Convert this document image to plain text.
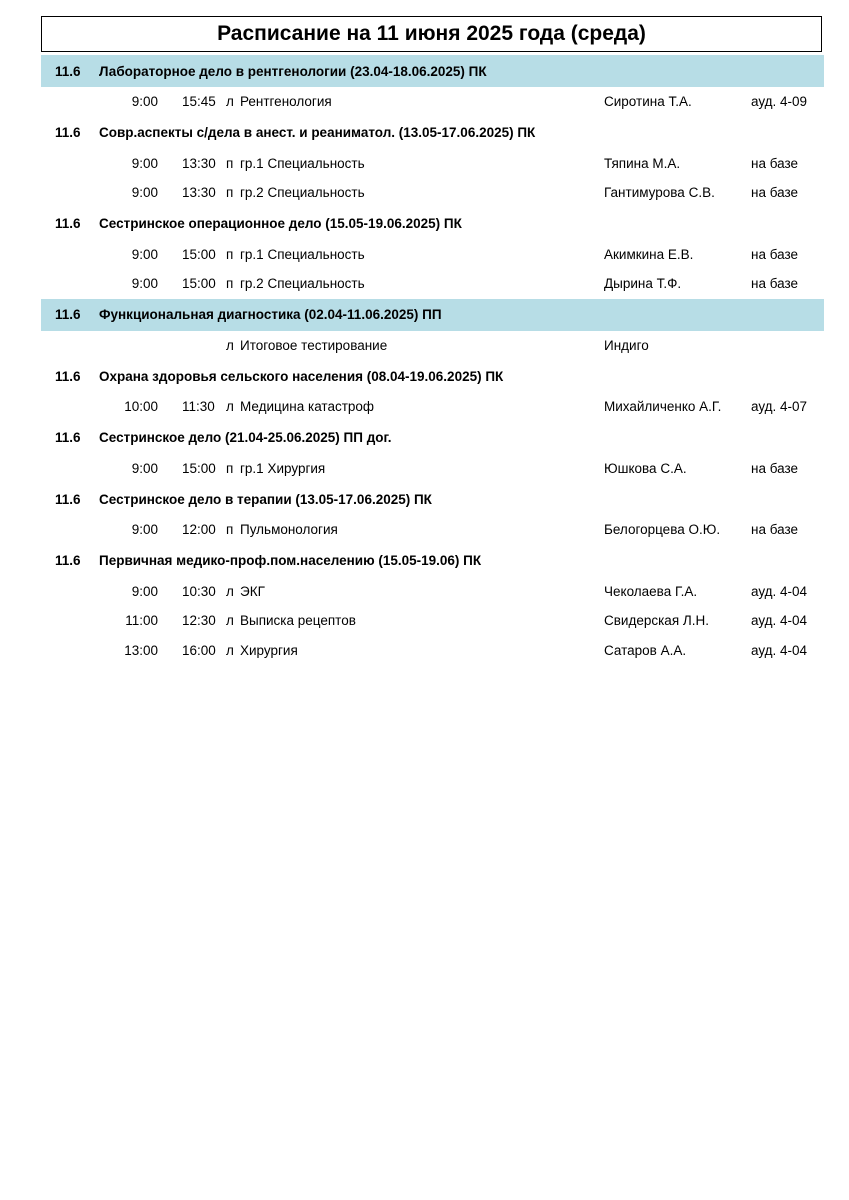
Расписание на 11 июня 2025 года (среда)
11.6	Лабораторное дело в рентгенологии (23.04-18.06.2025) ПК
9:00 15:45 л Рентгенология	Сиротина Т.А.	ауд. 4-09
11.6	Совр.аспекты с/дела в анест. и реаниматол. (13.05-17.06.2025) ПК
9:00 13:30 п гр.1 Специальность	Тяпина М.А.	на базе
9:00 13:30 п гр.2 Специальность	Гантимурова С.В.	на базе
11.6	Сестринское операционное дело (15.05-19.06.2025) ПК
9:00 15:00 п гр.1 Специальность	Акимкина Е.В.	на базе
9:00 15:00 п гр.2 Специальность	Дырина Т.Ф.	на базе
11.6	Функциональная диагностика (02.04-11.06.2025) ПП
л Итоговое тестирование	Индиго
11.6	Охрана здоровья сельского населения (08.04-19.06.2025) ПК
10:00 11:30 л Медицина катастроф	Михайличенко А.Г. ауд. 4-07
11.6	Сестринское дело (21.04-25.06.2025) ПП дог.
9:00 15:00 п гр.1 Хирургия	Юшкова С.А.	на базе
11.6	Сестринское дело в терапии (13.05-17.06.2025) ПК
9:00 12:00 п Пульмонология	Белогорцева О.Ю. на базе
11.6	Первичная медико-проф.пом.населению (15.05-19.06) ПК
9:00 10:30 л ЭКГ	Чеколаева Г.А.	ауд. 4-04
11:00 12:30 л Выписка рецептов	Свидерская Л.Н.	ауд. 4-04
13:00 16:00 л Хирургия	Сатаров А.А.	ауд. 4-04
